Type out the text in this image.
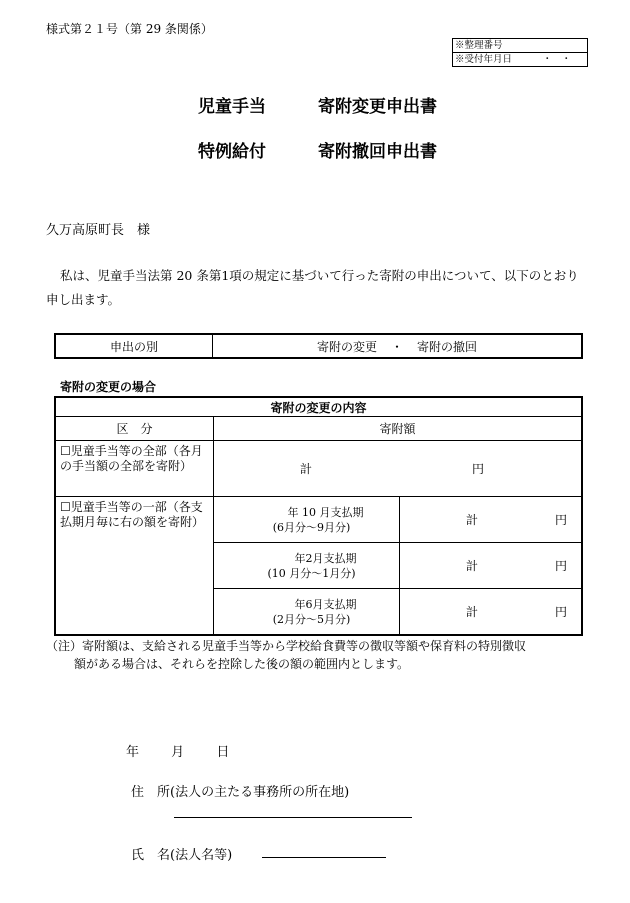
様式第２１号（第 29 条関係）
※整理番号
※受付年月日	・　・
児童手当	寄附変更申出書
特例給付	寄附撤回申出書
久万高原町長　様
私は、児童手当法第 20 条第1項の規定に基づいて行った寄附の申出について、以下のとおり申し出ます。
申出の別	寄附の変更 ・ 寄附の撤回
寄附の変更の場合
寄附の変更の内容
区　分	寄附額
☐児童手当等の全部（各月の手当額の全部を寄附）	計	円
☐児童手当等の一部（各支払期月毎に右の額を寄附）
年 10 月支払期
(6月分～9月分)	計	円
年2月支払期
(10 月分～1月分)	計	円
年6月支払期
(2月分～5月分)	計	円
（注）寄附額は、支給される児童手当等から学校給食費等の徴収等額や保育料の特別徴収
額がある場合は、それらを控除した後の額の範囲内とします。
年 月 日
住　所(法人の主たる事務所の所在地)
氏　名(法人名等)
